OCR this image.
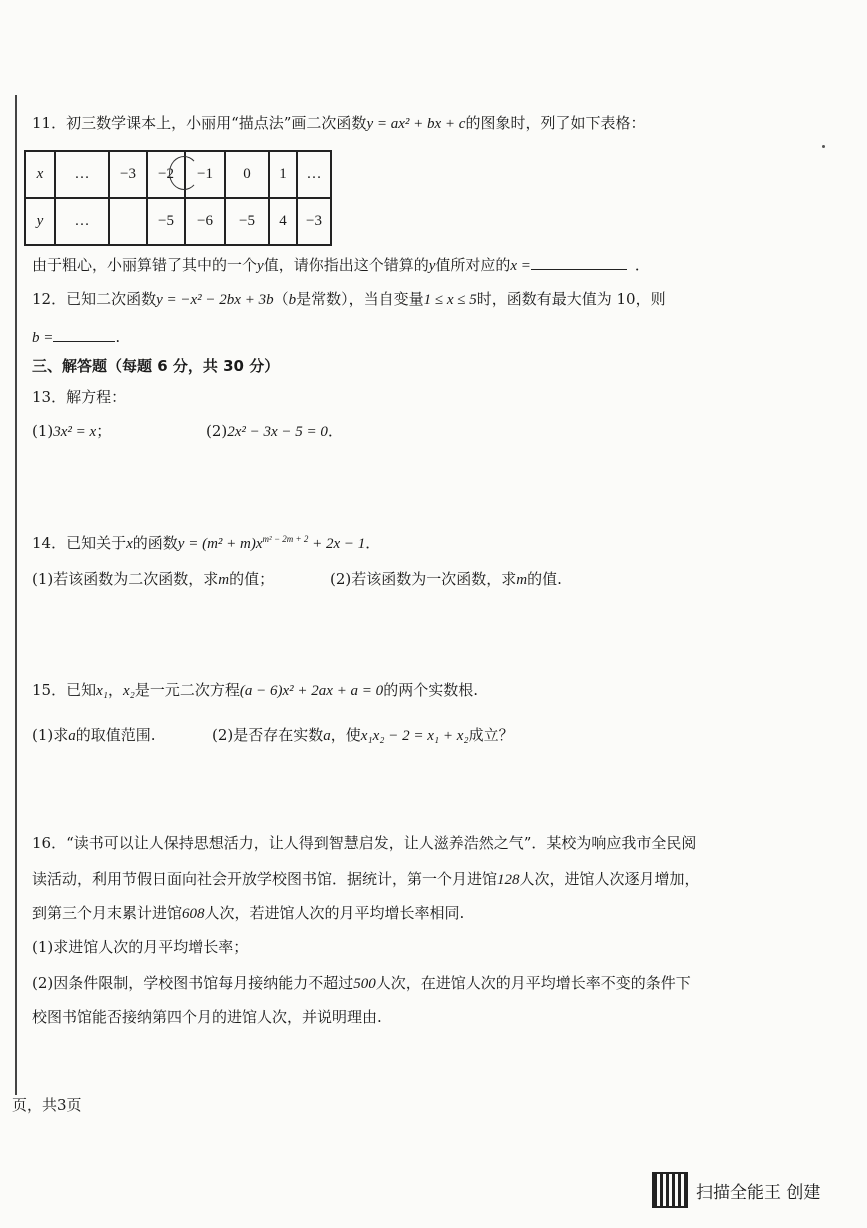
11．初三数学课本上，小丽用“描点法”画二次函数y = ax² + bx + c的图象时，列了如下表格：
x	…	−3	−2	−1	0	1	…
y	…		−5	−6	−5	4	−3
由于粗心，小丽算错了其中的一个y值，请你指出这个错算的y值所对应的x =	．
12．已知二次函数y = −x² − 2bx + 3b（b是常数），当自变量1 ≤ x ≤ 5时，函数有最大值为 10，则
b =	.
三、解答题（每题 6 分，共 30 分）
13．解方程：
(1)3x² = x；	(2)2x² − 3x − 5 = 0．
14．已知关于x的函数$y = (m^2 + m)x^{m^2 - 2m + 2} + 2x - 1$．
(1)若该函数为二次函数，求m的值；	(2)若该函数为一次函数，求m的值.
15．已知x₁，x₂是一元二次方程(a − 6)x² + 2ax + a = 0的两个实数根.
(1)求a的取值范围.	(2)是否存在实数a，使x₁x₂ − 2 = x₁ + x₂成立？
16．“读书可以让人保持思想活力，让人得到智慧启发，让人滋养浩然之气”．某校为响应我市全民阅
读活动，利用节假日面向社会开放学校图书馆．据统计，第一个月进馆128人次，进馆人次逐月增加，
到第三个月末累计进馆608人次，若进馆人次的月平均增长率相同.
(1)求进馆人次的月平均增长率；
(2)因条件限制，学校图书馆每月接纳能力不超过500人次，在进馆人次的月平均增长率不变的条件下
校图书馆能否接纳第四个月的进馆人次，并说明理由.
页，共3页
扫描全能王 创建
